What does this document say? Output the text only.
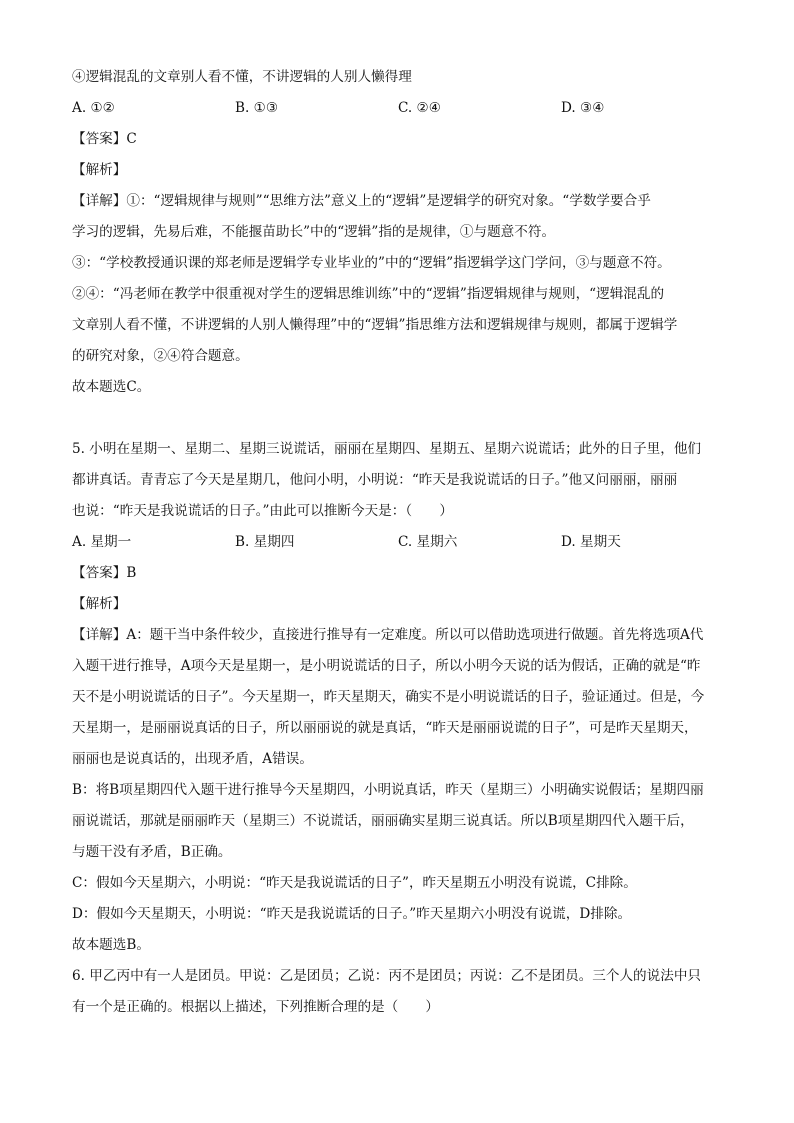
④逻辑混乱的文章别人看不懂，不讲逻辑的人别人懒得理

A. ①②	B. ①③	C. ②④	D. ③④

【答案】C

【解析】

【详解】①：“逻辑规律与规则”“思维方法”意义上的“逻辑”是逻辑学的研究对象。“学数学要合乎

学习的逻辑，先易后难，不能揠苗助长”中的“逻辑”指的是规律，①与题意不符。

③：“学校教授通识课的郑老师是逻辑学专业毕业的”中的“逻辑”指逻辑学这门学问，③与题意不符。

②④：“冯老师在教学中很重视对学生的逻辑思维训练”中的“逻辑”指逻辑规律与规则，“逻辑混乱的

文章别人看不懂，不讲逻辑的人别人懒得理”中的“逻辑”指思维方法和逻辑规律与规则，都属于逻辑学

的研究对象，②④符合题意。

故本题选C。

5. 小明在星期一、星期二、星期三说谎话，丽丽在星期四、星期五、星期六说谎话；此外的日子里，他们

都讲真话。青青忘了今天是星期几，他问小明，小明说：“昨天是我说谎话的日子。”他又问丽丽，丽丽

也说：“昨天是我说谎话的日子。”由此可以推断今天是：（　　）

A. 星期一	B. 星期四	C. 星期六	D. 星期天

【答案】B

【解析】

【详解】A：题干当中条件较少，直接进行推导有一定难度。所以可以借助选项进行做题。首先将选项A代

入题干进行推导，A项今天是星期一，是小明说谎话的日子，所以小明今天说的话为假话，正确的就是“昨

天不是小明说谎话的日子”。今天星期一，昨天星期天，确实不是小明说谎话的日子，验证通过。但是，今

天星期一，是丽丽说真话的日子，所以丽丽说的就是真话，“昨天是丽丽说谎的日子”，可是昨天星期天，

丽丽也是说真话的，出现矛盾，A错误。

B：将B项星期四代入题干进行推导今天星期四，小明说真话，昨天（星期三）小明确实说假话；星期四丽

丽说谎话，那就是丽丽昨天（星期三）不说谎话，丽丽确实星期三说真话。所以B项星期四代入题干后，

与题干没有矛盾，B正确。

C：假如今天星期六，小明说：“昨天是我说谎话的日子”，昨天星期五小明没有说谎，C排除。

D：假如今天星期天，小明说：“昨天是我说谎话的日子。”昨天星期六小明没有说谎，D排除。

故本题选B。

6. 甲乙丙中有一人是团员。甲说：乙是团员；乙说：丙不是团员；丙说：乙不是团员。三个人的说法中只

有一个是正确的。根据以上描述，下列推断合理的是（　　）
